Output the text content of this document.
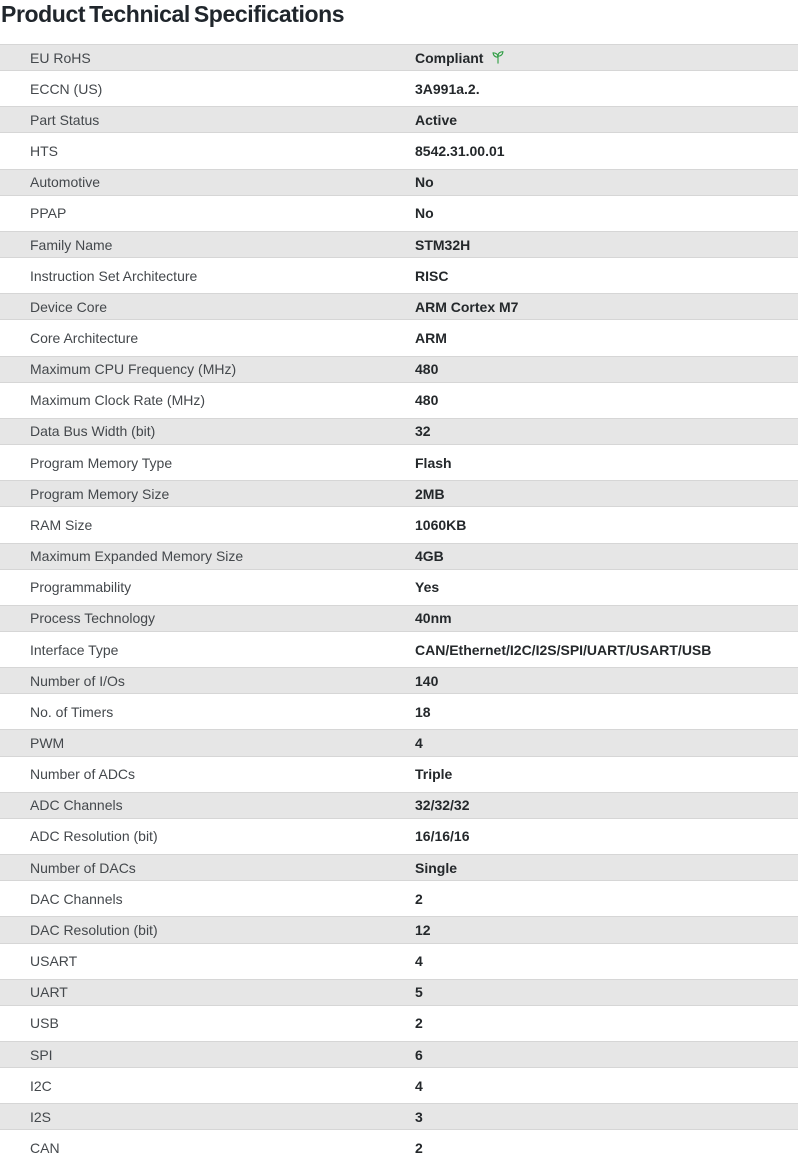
Product Technical Specifications
EU RoHS	Compliant
ECCN (US)	3A991a.2.
Part Status	Active
HTS	8542.31.00.01
Automotive	No
PPAP	No
Family Name	STM32H
Instruction Set Architecture	RISC
Device Core	ARM Cortex M7
Core Architecture	ARM
Maximum CPU Frequency (MHz)	480
Maximum Clock Rate (MHz)	480
Data Bus Width (bit)	32
Program Memory Type	Flash
Program Memory Size	2MB
RAM Size	1060KB
Maximum Expanded Memory Size	4GB
Programmability	Yes
Process Technology	40nm
Interface Type	CAN/Ethernet/I2C/I2S/SPI/UART/USART/USB
Number of I/Os	140
No. of Timers	18
PWM	4
Number of ADCs	Triple
ADC Channels	32/32/32
ADC Resolution (bit)	16/16/16
Number of DACs	Single
DAC Channels	2
DAC Resolution (bit)	12
USART	4
UART	5
USB	2
SPI	6
I2C	4
I2S	3
CAN	2
